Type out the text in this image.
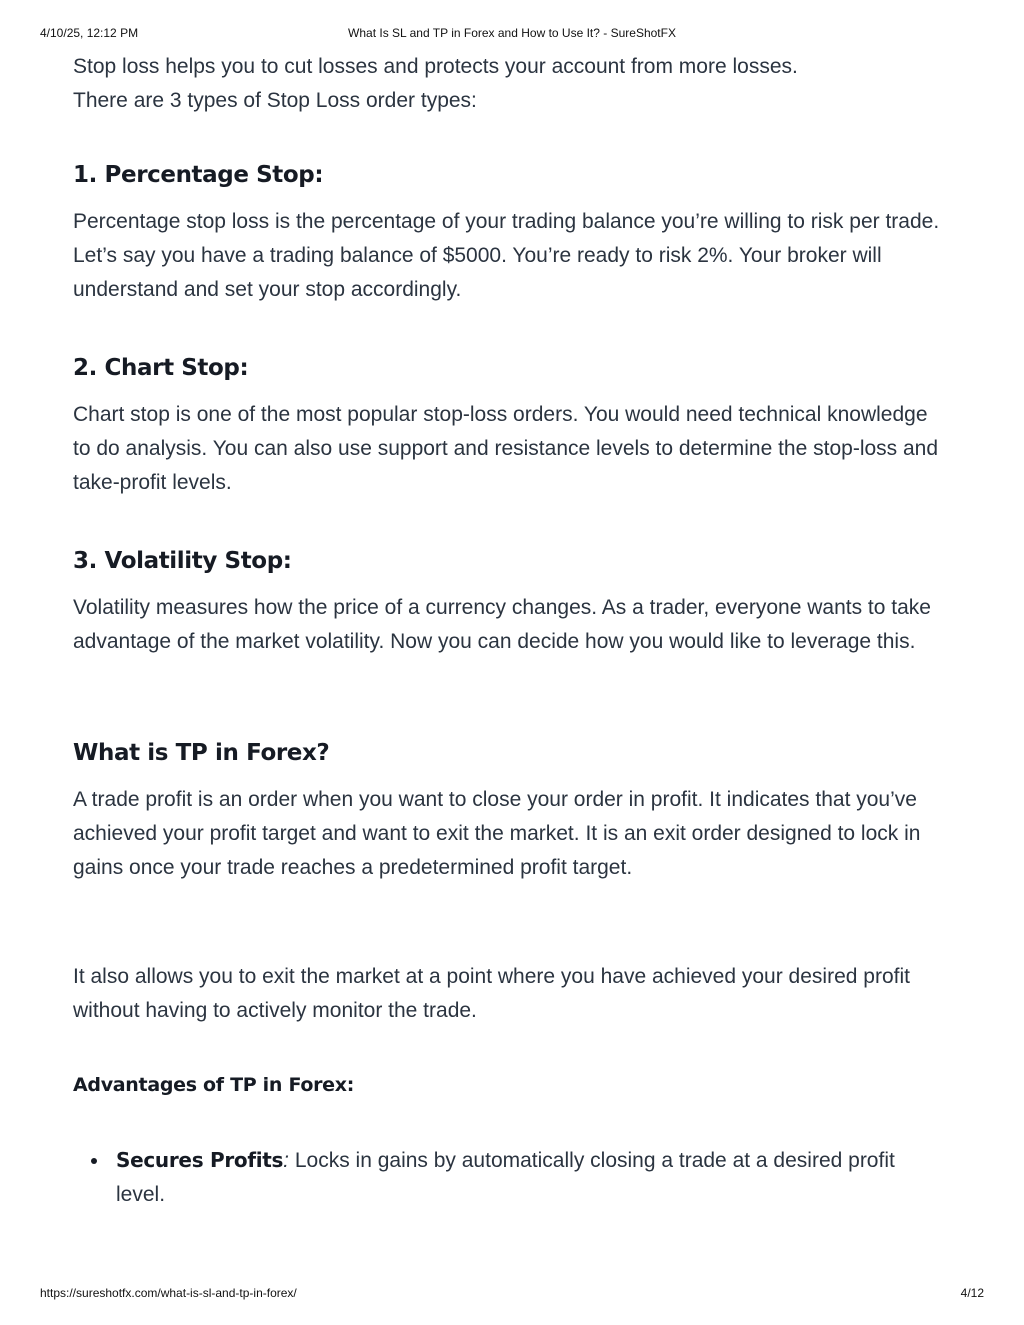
4/10/25, 12:12 PM	What Is SL and TP in Forex and How to Use It? - SureShotFX

Stop loss helps you to cut losses and protects your account from more losses.

There are 3 types of Stop Loss order types:

1. Percentage Stop:

Percentage stop loss is the percentage of your trading balance you’re willing to risk per trade. Let’s say you have a trading balance of $5000. You’re ready to risk 2%. Your broker will understand and set your stop accordingly.

2. Chart Stop:

Chart stop is one of the most popular stop-loss orders. You would need technical knowledge to do analysis. You can also use support and resistance levels to determine the stop-loss and take-profit levels.

3. Volatility Stop:

Volatility measures how the price of a currency changes. As a trader, everyone wants to take advantage of the market volatility. Now you can decide how you would like to leverage this.

What is TP in Forex?

A trade profit is an order when you want to close your order in profit. It indicates that you’ve achieved your profit target and want to exit the market. It is an exit order designed to lock in gains once your trade reaches a predetermined profit target.

It also allows you to exit the market at a point where you have achieved your desired profit without having to actively monitor the trade.

Advantages of TP in Forex:
Secures Profits: Locks in gains by automatically closing a trade at a desired profit level.
https://sureshotfx.com/what-is-sl-and-tp-in-forex/	4/12
